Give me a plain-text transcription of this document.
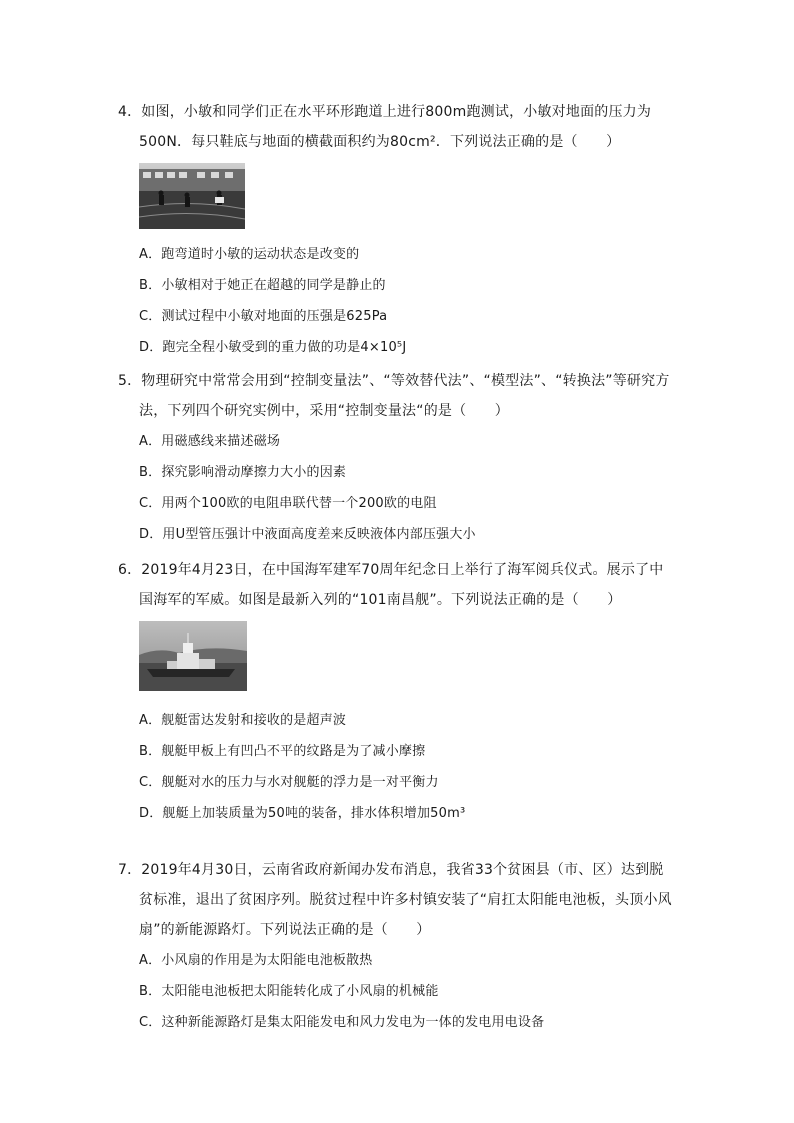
4．如图，小敏和同学们正在水平环形跑道上进行800m跑测试，小敏对地面的压力为
500N．每只鞋底与地面的横截面积约为80cm²．下列说法正确的是（　　）
A．跑弯道时小敏的运动状态是改变的
B．小敏相对于她正在超越的同学是静止的
C．测试过程中小敏对地面的压强是625Pa
D．跑完全程小敏受到的重力做的功是4×10⁵J
5．物理研究中常常会用到“控制变量法”、“等效替代法”、“模型法”、“转换法”等研究方
法，下列四个研究实例中，采用“控制变量法“的是（　　）
A．用磁感线来描述磁场
B．探究影响滑动摩擦力大小的因素
C．用两个100欧的电阻串联代替一个200欧的电阻
D．用U型管压强计中液面高度差来反映液体内部压强大小
6．2019年4月23日，在中国海军建军70周年纪念日上举行了海军阅兵仪式。展示了中
国海军的军威。如图是最新入列的“101南昌舰”。下列说法正确的是（　　）
A．舰艇雷达发射和接收的是超声波
B．舰艇甲板上有凹凸不平的纹路是为了减小摩擦
C．舰艇对水的压力与水对舰艇的浮力是一对平衡力
D．舰艇上加装质量为50吨的装备，排水体积增加50m³
7．2019年4月30日，云南省政府新闻办发布消息，我省33个贫困县（市、区）达到脱
贫标准，退出了贫困序列。脱贫过程中许多村镇安装了“肩扛太阳能电池板，头顶小风
扇”的新能源路灯。下列说法正确的是（　　）
A．小风扇的作用是为太阳能电池板散热
B．太阳能电池板把太阳能转化成了小风扇的机械能
C．这种新能源路灯是集太阳能发电和风力发电为一体的发电用电设备
